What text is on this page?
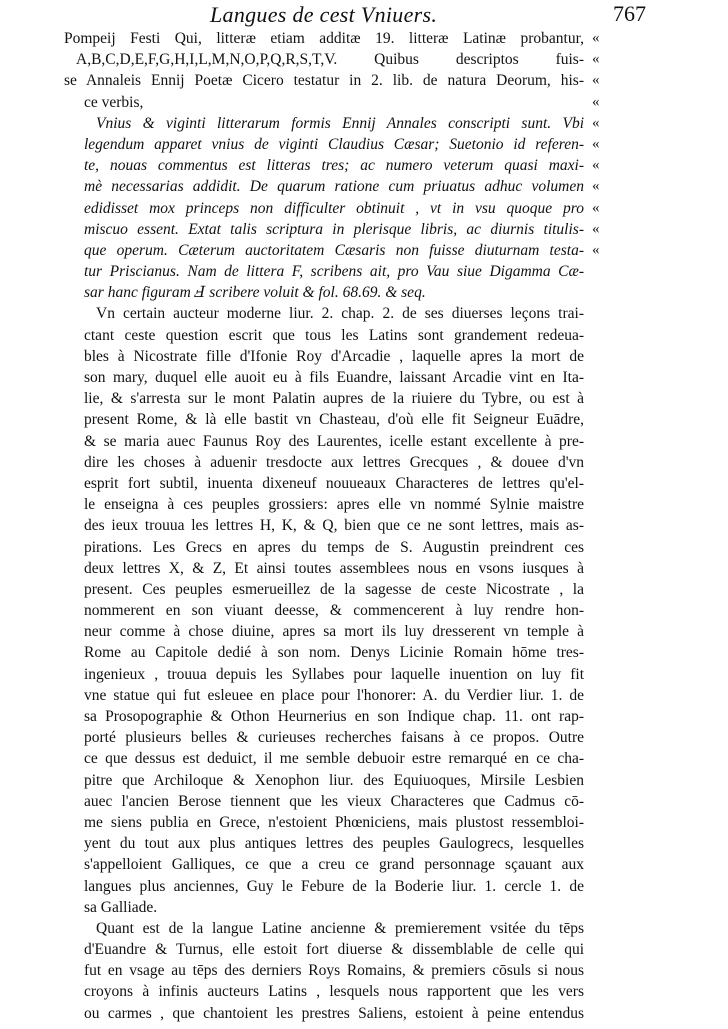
Langues de cest Vniuers.	767
Pompeij Festi Qui, litteræ etiam additæ 19. litteræ Latinæ probantur,
A,B,C,D,E,F,G,H,I,L,M,N,O,P,Q,R,S,T,V. Quibus descriptos fuis-
se Annaleis Ennij Poetæ Cicero testatur in 2. lib. de natura Deorum, his-
ce verbis,
Vnius & viginti litterarum formis Ennij Annales conscripti sunt. Vbi
legendum apparet vnius de viginti Claudius Cæsar; Suetonio id referen-
te, nouas commentus est litteras tres; ac numero veterum quasi maxi-
mè necessarias addidit. De quarum ratione cum priuatus adhuc volumen
edidisset mox princeps non difficulter obtinuit , vt in vsu quoque pro
miscuo essent. Extat talis scriptura in plerisque libris, ac diurnis titulis-
que operum. Cæterum auctoritatem Cæsaris non fuisse diuturnam testa-
tur Priscianus. Nam de littera F, scribens ait, pro Vau siue Digamma Cæ-
sar hanc figuram Ⅎ scribere voluit & fol. 68.69. & seq.
Vn certain aucteur moderne liur. 2. chap. 2. de ses diuerses leçons trai-
ctant ceste question escrit que tous les Latins sont grandement redeua-
bles à Nicostrate fille d'Ifonie Roy d'Arcadie , laquelle apres la mort de
son mary, duquel elle auoit eu à fils Euandre, laissant Arcadie vint en Ita-
lie, & s'arresta sur le mont Palatin aupres de la riuiere du Tybre, ou est à
present Rome, & là elle bastit vn Chasteau, d'où elle fit Seigneur Euādre,
& se maria auec Faunus Roy des Laurentes, icelle estant excellente à pre-
dire les choses à aduenir tresdocte aux lettres Grecques , & douee d'vn
esprit fort subtil, inuenta dixeneuf nouueaux Characteres de lettres qu'el-
le enseigna à ces peuples grossiers: apres elle vn nommé Sylnie maistre
des ieux trouua les lettres H, K, & Q, bien que ce ne sont lettres, mais as-
pirations. Les Grecs en apres du temps de S. Augustin preindrent ces
deux lettres X, & Z, Et ainsi toutes assemblees nous en vsons iusques à
present. Ces peuples esmerueillez de la sagesse de ceste Nicostrate , la
nommerent en son viuant deesse, & commencerent à luy rendre hon-
neur comme à chose diuine, apres sa mort ils luy dresserent vn temple à
Rome au Capitole dedié à son nom. Denys Licinie Romain hōme tres-
ingenieux , trouua depuis les Syllabes pour laquelle inuention on luy fit
vne statue qui fut esleuee en place pour l'honorer: A. du Verdier liur. 1. de
sa Prosopographie & Othon Heurnerius en son Indique chap. 11. ont rap-
porté plusieurs belles & curieuses recherches faisans à ce propos. Outre
ce que dessus est deduict, il me semble debuoir estre remarqué en ce cha-
pitre que Archiloque & Xenophon liur. des Equiuoques, Mirsile Lesbien
auec l'ancien Berose tiennent que les vieux Characteres que Cadmus cō-
me siens publia en Grece, n'estoient Phœniciens, mais plustost ressembloi-
yent du tout aux plus antiques lettres des peuples Gaulogrecs, lesquelles
s'appelloient Galliques, ce que a creu ce grand personnage sçauant aux
langues plus anciennes, Guy le Febure de la Boderie liur. 1. cercle 1. de
sa Galliade.
Quant est de la langue Latine ancienne & premierement vsitée du tēps
d'Euandre & Turnus, elle estoit fort diuerse & dissemblable de celle qui
fut en vsage au tēps des derniers Roys Romains, & premiers cōsuls si nous
croyons à infinis aucteurs Latins , lesquels nous rapportent que les vers
ou carmes , que chantoient les prestres Saliens, estoient à peine entendus
«
«
«
«
«
«
«
«
«
«
«
